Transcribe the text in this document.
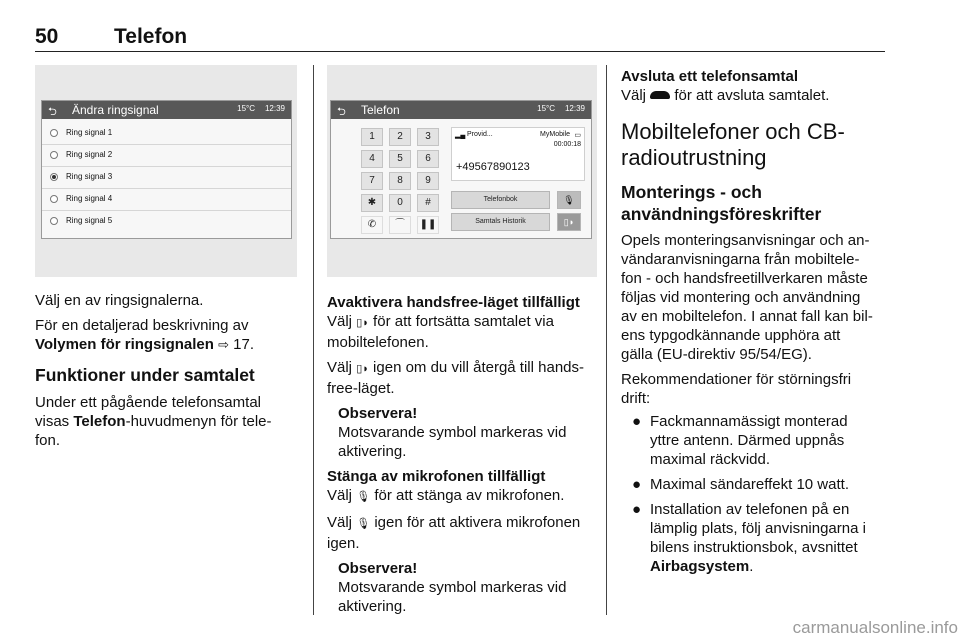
50	Telefon
⮌ Ändra ringsignal	15°C 12:39
Ring signal 1
Ring signal 2
Ring signal 3
Ring signal 4
Ring signal 5
Välj en av ringsignalerna.
För en detaljerad beskrivning av
Volymen för ringsignalen ⇨ 17.
Funktioner under samtalet
Under ett pågående telefonsamtal
visas Telefon-huvudmenyn för tele-
fon.
⮌ Telefon	15°C 12:39
1	2	3
4	5	6
7	8	9
✱	0	#
✆	⌒	❚❚
▂▄ Provid...	MyMobile ▭
00:00:18
+49567890123
Telefonbok	🎙
Samtals Historik	▯◗
Avaktivera handsfree-läget tillfälligt
Välj ▯◗ för att fortsätta samtalet via
mobiltelefonen.
Välj ▯◗ igen om du vill återgå till hands-
free-läget.
Observera!
Motsvarande symbol markeras vid
aktivering.
Stänga av mikrofonen tillfälligt
Välj 🎙 för att stänga av mikrofonen.
Välj 🎙 igen för att aktivera mikrofonen
igen.
Observera!
Motsvarande symbol markeras vid
aktivering.
Avsluta ett telefonsamtal
Välj  för att avsluta samtalet.
Mobiltelefoner och CB-
radioutrustning
Monterings - och
användningsföreskrifter
Opels monteringsanvisningar och an-
vändaranvisningarna från mobiltele-
fon - och handsfreetillverkaren måste
följas vid montering och användning
av en mobiltelefon. I annat fall kan bil-
ens typgodkännande upphöra att
gälla (EU-direktiv 95/54/EG).
Rekommendationer för störningsfri
drift:
● Fackmannamässigt monterad
yttre antenn. Därmed uppnås
maximal räckvidd.
● Maximal sändareffekt 10 watt.
● Installation av telefonen på en
lämplig plats, följ anvisningarna i
bilens instruktionsbok, avsnittet
Airbagsystem.
carmanualsonline.info
